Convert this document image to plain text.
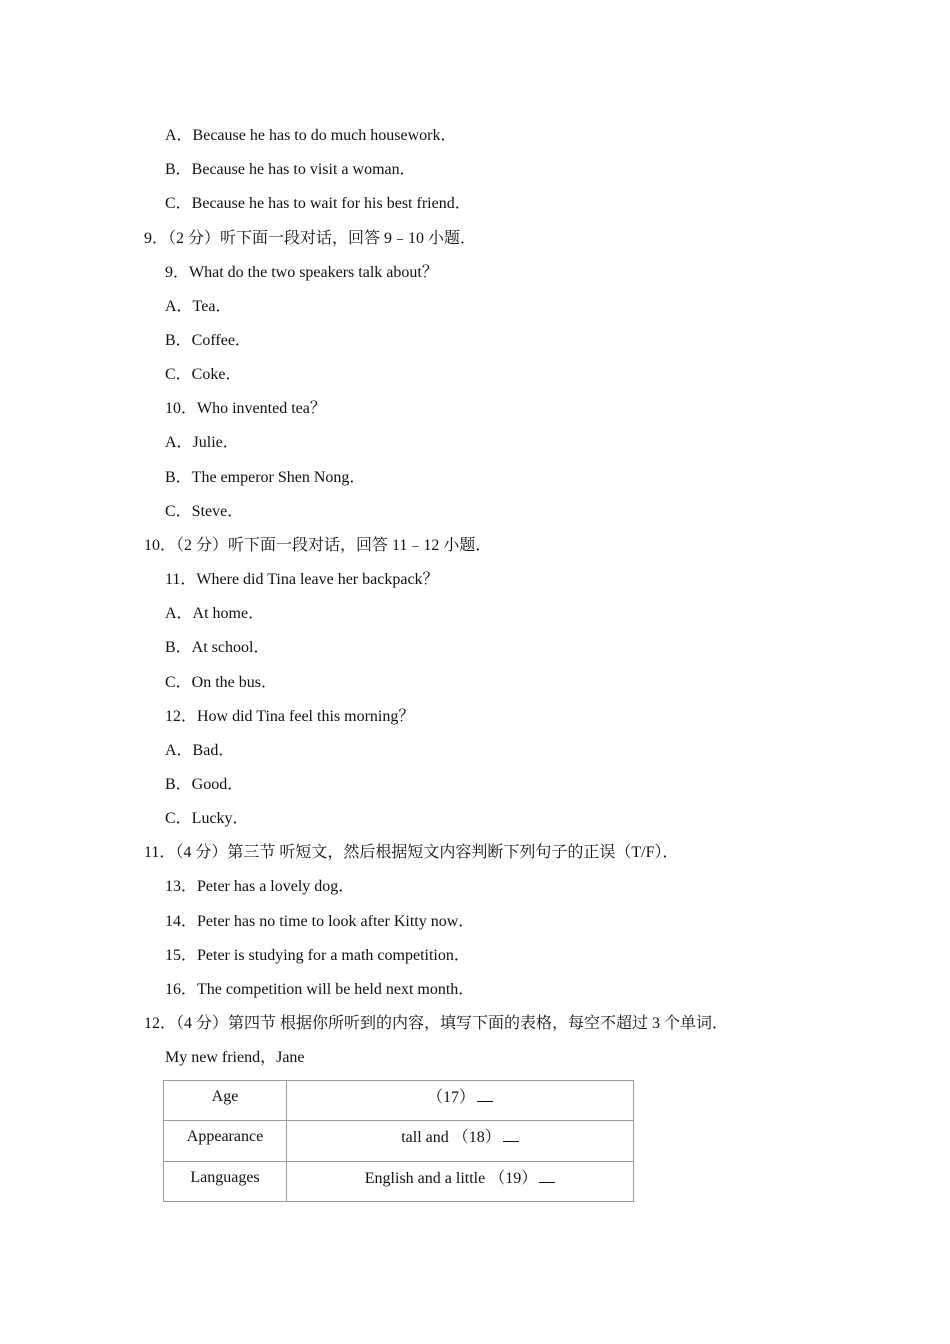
A．Because he has to do much housework．
B．Because he has to visit a woman．
C．Because he has to wait for his best friend．
9．（2 分）听下面一段对话，回答 9﹣10 小题．
9．What do the two speakers talk about？
A．Tea．
B．Coffee．
C．Coke．
10．Who invented tea？
A．Julie．
B．The emperor Shen Nong．
C．Steve．
10．（2 分）听下面一段对话，回答 11﹣12 小题．
11．Where did Tina leave her backpack？
A．At home．
B．At school．
C．On the bus．
12．How did Tina feel this morning？
A．Bad．
B．Good．
C．Lucky．
11．（4 分）第三节 听短文，然后根据短文内容判断下列句子的正误（T/F）．
13．Peter has a lovely dog．
14．Peter has no time to look after Kitty now．
15．Peter is studying for a math competition．
16．The competition will be held next month．
12．（4 分）第四节 根据你所听到的内容，填写下面的表格，每空不超过 3 个单词．
My new friend，Jane
Age	（17）
Appearance	tall and （18）
Languages	English and a little （19）
